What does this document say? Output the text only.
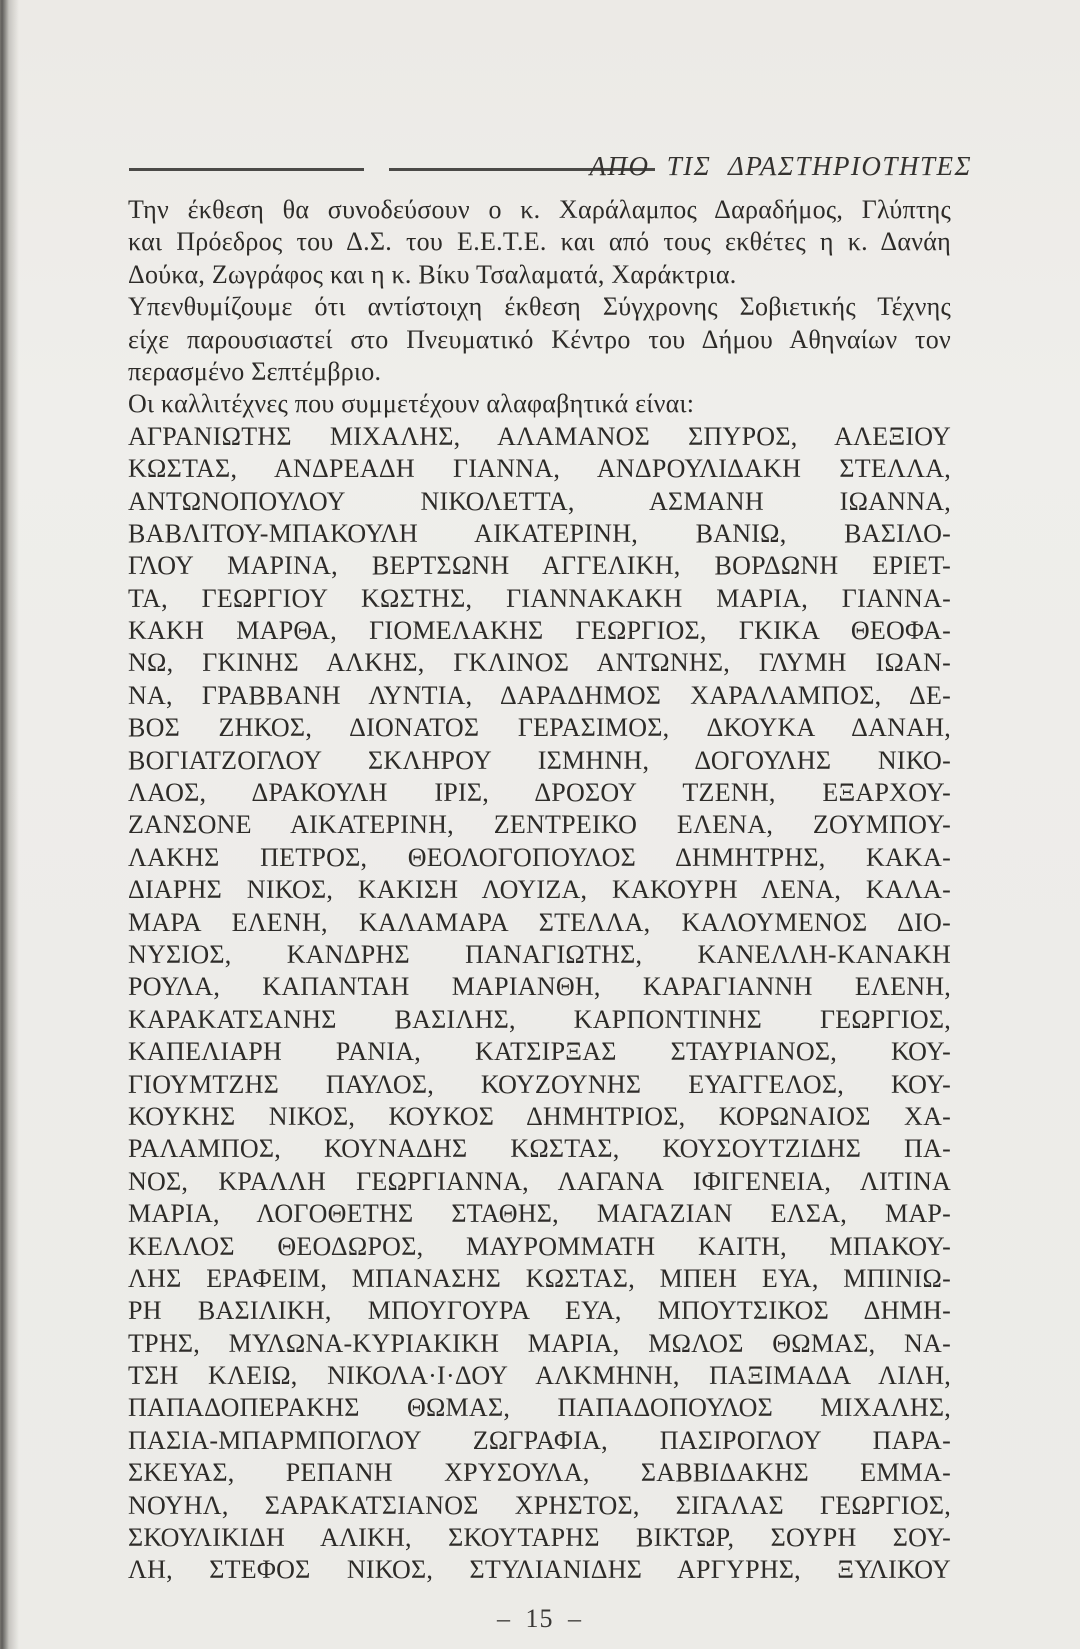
ΑΠΟ ΤΙΣ ΔΡΑΣΤΗΡΙΟΤΗΤΕΣ
Την έκθεση θα συνοδεύσουν ο κ. Χαράλαμπος Δαραδήμος, Γλύπτης
και Πρόεδρος του Δ.Σ. του Ε.Ε.Τ.Ε. και από τους εκθέτες η κ. Δανάη
Δούκα, Ζωγράφος και η κ. Βίκυ Τσαλαματά, Χαράκτρια.
Υπενθυμίζουμε ότι αντίστοιχη έκθεση Σύγχρονης Σοβιετικής Τέχνης
είχε παρουσιαστεί στο Πνευματικό Κέντρο του Δήμου Αθηναίων τον
περασμένο Σεπτέμβριο.
Οι καλλιτέχνες που συμμετέχουν αλαφαβητικά είναι:
ΑΓΡΑΝΙΩΤΗΣ ΜΙΧΑΛΗΣ, ΑΛΑΜΑΝΟΣ ΣΠΥΡΟΣ, ΑΛΕΞΙΟΥ
ΚΩΣΤΑΣ, ΑΝΔΡΕΑΔΗ ΓΙΑΝΝΑ, ΑΝΔΡΟΥΛΙΔΑΚΗ ΣΤΕΛΛΑ,
ΑΝΤΩΝΟΠΟΥΛΟΥ ΝΙΚΟΛΕΤΤΑ, ΑΣΜΑΝΗ ΙΩΑΝΝΑ,
ΒΑΒΛΙΤΟΥ-ΜΠΑΚΟΥΛΗ ΑΙΚΑΤΕΡΙΝΗ, ΒΑΝΙΩ, ΒΑΣΙΛΟ-
ΓΛΟΥ ΜΑΡΙΝΑ, ΒΕΡΤΣΩΝΗ ΑΓΓΕΛΙΚΗ, ΒΟΡΔΩΝΗ ΕΡΙΕΤ-
ΤΑ, ΓΕΩΡΓΙΟΥ ΚΩΣΤΗΣ, ΓΙΑΝΝΑΚΑΚΗ ΜΑΡΙΑ, ΓΙΑΝΝΑ-
ΚΑΚΗ ΜΑΡΘΑ, ΓΙΟΜΕΛΑΚΗΣ ΓΕΩΡΓΙΟΣ, ΓΚΙΚΑ ΘΕΟΦΑ-
ΝΩ, ΓΚΙΝΗΣ ΑΛΚΗΣ, ΓΚΛΙΝΟΣ ΑΝΤΩΝΗΣ, ΓΛΥΜΗ ΙΩΑΝ-
ΝΑ, ΓΡΑΒΒΑΝΗ ΛΥΝΤΙΑ, ΔΑΡΑΔΗΜΟΣ ΧΑΡΑΛΑΜΠΟΣ, ΔΕ-
ΒΟΣ ΖΗΚΟΣ, ΔΙΟΝΑΤΟΣ ΓΕΡΑΣΙΜΟΣ, ΔΚΟΥΚΑ ΔΑΝΑΗ,
ΒΟΓΙΑΤΖΟΓΛΟΥ ΣΚΛΗΡΟΥ ΙΣΜΗΝΗ, ΔΟΓΟΥΛΗΣ ΝΙΚΟ-
ΛΑΟΣ, ΔΡΑΚΟΥΛΗ ΙΡΙΣ, ΔΡΟΣΟΥ ΤΖΕΝΗ, ΕΞΑΡΧΟΥ-
ΖΑΝΣΟΝΕ ΑΙΚΑΤΕΡΙΝΗ, ΖΕΝΤΡΕΙΚΟ ΕΛΕΝΑ, ΖΟΥΜΠΟΥ-
ΛΑΚΗΣ ΠΕΤΡΟΣ, ΘΕΟΛΟΓΟΠΟΥΛΟΣ ΔΗΜΗΤΡΗΣ, ΚΑΚΑ-
ΔΙΑΡΗΣ ΝΙΚΟΣ, ΚΑΚΙΣΗ ΛΟΥΙΖΑ, ΚΑΚΟΥΡΗ ΛΕΝΑ, ΚΑΛΑ-
ΜΑΡΑ ΕΛΕΝΗ, ΚΑΛΑΜΑΡΑ ΣΤΕΛΛΑ, ΚΑΛΟΥΜΕΝΟΣ ΔΙΟ-
ΝΥΣΙΟΣ, ΚΑΝΔΡΗΣ ΠΑΝΑΓΙΩΤΗΣ, ΚΑΝΕΛΛΗ-ΚΑΝΑΚΗ
ΡΟΥΛΑ, ΚΑΠΑΝΤΑΗ ΜΑΡΙΑΝΘΗ, ΚΑΡΑΓΙΑΝΝΗ ΕΛΕΝΗ,
ΚΑΡΑΚΑΤΣΑΝΗΣ ΒΑΣΙΛΗΣ, ΚΑΡΠΟΝΤΙΝΗΣ ΓΕΩΡΓΙΟΣ,
ΚΑΠΕΛΙΑΡΗ ΡΑΝΙΑ, ΚΑΤΣΙΡΞΑΣ ΣΤΑΥΡΙΑΝΟΣ, ΚΟΥ-
ΓΙΟΥΜΤΖΗΣ ΠΑΥΛΟΣ, ΚΟΥΖΟΥΝΗΣ ΕΥΑΓΓΕΛΟΣ, ΚΟΥ-
ΚΟΥΚΗΣ ΝΙΚΟΣ, ΚΟΥΚΟΣ ΔΗΜΗΤΡΙΟΣ, ΚΟΡΩΝΑΙΟΣ ΧΑ-
ΡΑΛΑΜΠΟΣ, ΚΟΥΝΑΔΗΣ ΚΩΣΤΑΣ, ΚΟΥΣΟΥΤΖΙΔΗΣ ΠΑ-
ΝΟΣ, ΚΡΑΛΛΗ ΓΕΩΡΓΙΑΝΝΑ, ΛΑΓΑΝΑ ΙΦΙΓΕΝΕΙΑ, ΛΙΤΙΝΑ
ΜΑΡΙΑ, ΛΟΓΟΘΕΤΗΣ ΣΤΑΘΗΣ, ΜΑΓΑΖΙΑΝ ΕΛΣΑ, ΜΑΡ-
ΚΕΛΛΟΣ ΘΕΟΔΩΡΟΣ, ΜΑΥΡΟΜΜΑΤΗ ΚΑΙΤΗ, ΜΠΑΚΟΥ-
ΛΗΣ ΕΡΑΦΕΙΜ, ΜΠΑΝΑΣΗΣ ΚΩΣΤΑΣ, ΜΠΕΗ ΕΥΑ, ΜΠΙΝΙΩ-
ΡΗ ΒΑΣΙΛΙΚΗ, ΜΠΟΥΓΟΥΡΑ ΕΥΑ, ΜΠΟΥΤΣΙΚΟΣ ΔΗΜΗ-
ΤΡΗΣ, ΜΥΛΩΝΑ-ΚΥΡΙΑΚΙΚΗ ΜΑΡΙΑ, ΜΩΛΟΣ ΘΩΜΑΣ, ΝΑ-
ΤΣΗ ΚΛΕΙΩ, ΝΙΚΟΛΑ·Ι·ΔΟΥ ΑΛΚΜΗΝΗ, ΠΑΞΙΜΑΔΑ ΛΙΛΗ,
ΠΑΠΑΔΟΠΕΡΑΚΗΣ ΘΩΜΑΣ, ΠΑΠΑΔΟΠΟΥΛΟΣ ΜΙΧΑΛΗΣ,
ΠΑΣΙΑ-ΜΠΑΡΜΠΟΓΛΟΥ ΖΩΓΡΑΦΙΑ, ΠΑΣΙΡΟΓΛΟΥ ΠΑΡΑ-
ΣΚΕΥΑΣ, ΡΕΠΑΝΗ ΧΡΥΣΟΥΛΑ, ΣΑΒΒΙΔΑΚΗΣ ΕΜΜΑ-
ΝΟΥΗΛ, ΣΑΡΑΚΑΤΣΙΑΝΟΣ ΧΡΗΣΤΟΣ, ΣΙΓΑΛΑΣ ΓΕΩΡΓΙΟΣ,
ΣΚΟΥΛΙΚΙΔΗ ΑΛΙΚΗ, ΣΚΟΥΤΑΡΗΣ ΒΙΚΤΩΡ, ΣΟΥΡΗ ΣΟΥ-
ΛΗ, ΣΤΕΦΟΣ ΝΙΚΟΣ, ΣΤΥΛΙΑΝΙΔΗΣ ΑΡΓΥΡΗΣ, ΞΥΛΙΚΟΥ
– 15 –
